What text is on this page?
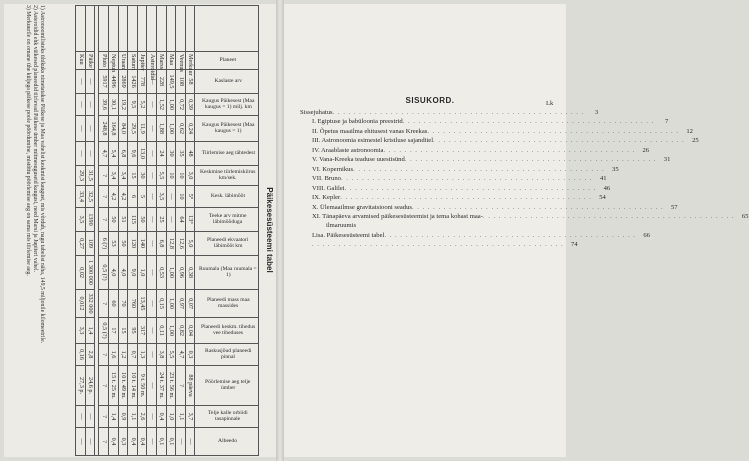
Päikesesüsteemi tabel
	Planeet	Kaslaste arv	Kaugus Päikesest (Maa kaugus = 1) milj. km	Kaugus Päikesest (Maa kaugus = 1)	Tiirlemise aeg tähtedest	Keskmine tiirlemiskiirus km/sek.	Kesk. läbimõõt	Teeke arv mitme läbimõõduga	Planeedi ekvaatori läbimõõt km	Ruumala (Maa ruumala = 1)	Planeedi mass maa massides	Planeedi keskm. tihedus vee tiheduses	Raskusjõud planeedi pinnal	Pöörlemise aeg telje ümber	Telje kalle orbiidi tasapinnale	Albeedo
	Merkuur	58	0,39	0,24	48	3,0	5°	13°	5,0	0,38	0,07	0,04	0,3	88 päeva	3,7	—
	Veenus	108	0,72	0,62	35	10	10	64	12,6	0,96	0,97	0,82	4,7	?	1,1	—
	Maa	149,5	1,00	1,00	30	10	—	—	12,8	1,00	1,00	1,00	5,5	23 t. 56 m.	1,0	0,1
	Marss	228	1,52	1,88	24	5,5	3,5	25	6,8	0,53	0,15	0,11	3,8	24 t. 37 m.	0,4	0,1
	Asteroidid	—	—	—	—	—	—	—	—	—	—	—	—	—	—	—
	Jupiter	778	5,2	11,9	13,0	30	5	50	140	1,0	13,45	317	1,3	9 t. 50 m.	2,6	0,4
	Saturn	1426	9,5	29,5	9,6	15	6	115	120	9,0	760	95	0,7	10 t. 14 m.	1,1	0,4
	Uraan	2869	19,2	84,0	6,8	3,4	4,2	51	50	4,0	70	15	1,2	10 t. 49 m.	0,9	0,3
	Neptun	4496	30,1	164,8	5,4	3,4	4,2	50	53	4,0	60	17	1,6	15 t. 25 m.	1,4	0,4
	Pluto	5917	39,6	248,8	4,7	?	?	?	6 (?)	0,5 (?)	?	0,5 (?)	?	?	?	?

	Päike	—	—	—	—	31,5	32,5	1390	109	1 300 000	332 000	1,4	2,8	24,6 p.	—	—
	Kuu	—	—	—	—	29,3	33,4	3,5	0,27	0,02	0,012	3,3	0,16	27,3 p.	—	—

1) Astronoomilisteks ühikuks nimetatakse Päikese ja Maa vahelist keskmist kaugust, mis võrdub, nagu tabelist näha, 149,5 miljonile kilomeetrile.

2) Asteroidid ehk väikesed planeedid tiirlevad Päikese ümber mitmesuguseid kaugusi, need Marsi ja Jupiteri vahel.

3) Merkuurile on omane ühe küljega päikese poole pöördumine, mistõttu pöörlemise aeg on sama mis tiirlemise aeg.	SISUKORD.	Lk
Sissejuhatus . . . . . . . . . . . . . . . . . . . . . . . . . . . . . . . . . . . . . . . . . . . . . . . .	3
I. Egiptuse ja babüloonia preestrid . . . . . . . . . . . . . . . . . . . . . . . . . . . . . . . . . . . . . . . . . . . . . . . .	7
II. Õpetus maailma ehitusest vanas Kreekas . . . . . . . . . . . . . . . . . . . . . . . . . . . . . . . . . . . . . . . . . . . . . . . .	12
III. Astronoomia esimestel kristluse sajanditel . . . . . . . . . . . . . . . . . . . . . . . . . . . . . . . . . . . . . . . . . . . . . . . .	25
IV. Araablaste astronoomia . . . . . . . . . . . . . . . . . . . . . . . . . . . . . . . . . . . . . . . . . . . . . . . .	26
V. Vana-Kreeka teaduse uuestisünd . . . . . . . . . . . . . . . . . . . . . . . . . . . . . . . . . . . . . . . . . . . . . . . .	31
VI. Kopernikus . . . . . . . . . . . . . . . . . . . . . . . . . . . . . . . . . . . . . . . . . . . . . . . .	35
VII. Bruno . . . . . . . . . . . . . . . . . . . . . . . . . . . . . . . . . . . . . . . . . . . . . . . .	41
VIII. Galilei . . . . . . . . . . . . . . . . . . . . . . . . . . . . . . . . . . . . . . . . . . . . . . . .	46
IX. Kepler . . . . . . . . . . . . . . . . . . . . . . . . . . . . . . . . . . . . . . . . . . . . . . . .	54
X. Ülemaailmse gravitatsiooni seadus . . . . . . . . . . . . . . . . . . . . . . . . . . . . . . . . . . . . . . . . . . . . . . . .	57
XI. Tänapäeva arvamised päikesesüsteemist ja tema kohast maa- . . . . . . . . . . . . . . . . . . . . . . . . . . . . . . . . . . . . . . . . . . . . . . . .	65
ilmaruumis
Lisa. Päikesesüsteemi tabel . . . . . . . . . . . . . . . . . . . . . . . . . . . . . . . . . . . . . . . . . . . . . . . .	66
. . . . . . . . . . . . . . . . . . . . . . . . . . . . . . . . . . . . . . . . . . . . . . . .	74
